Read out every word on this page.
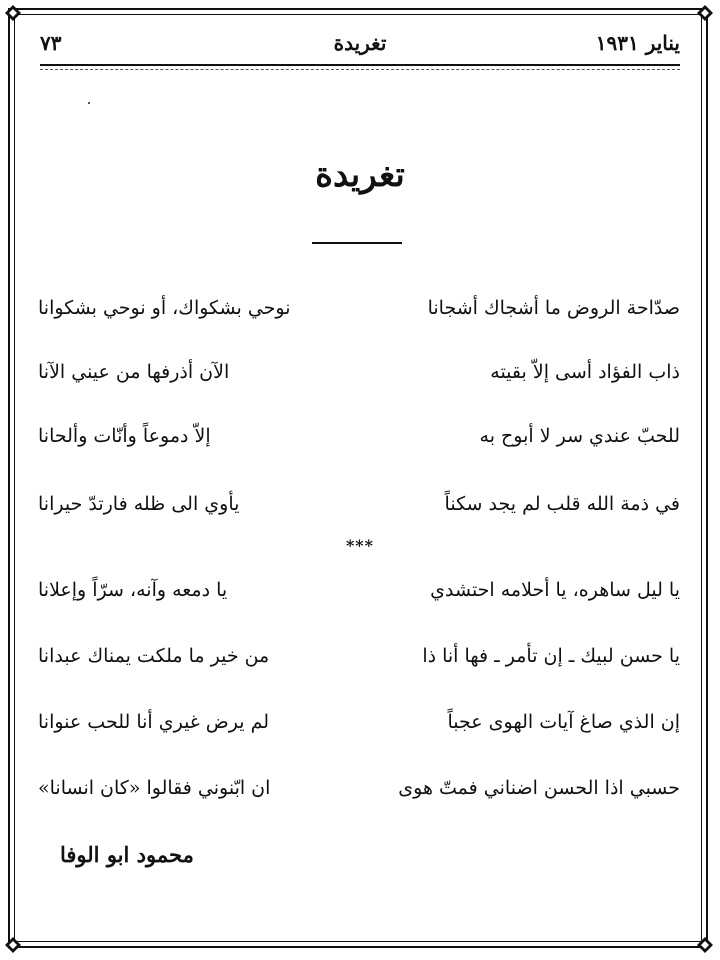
يناير ١٩٣١
تغريدة
٧٣
تغريدة
صدّاحة الروض ما أشجاك أشجانا
نوحي بشكواك، أو نوحي بشكوانا
ذاب الفؤاد أسى إلاّ بقيته
الآن أذرفها من عيني الآنا
للحبّ عندي سر لا أبوح به
إلاّ دموعاً وأنّات وألحانا
في ذمة الله قلب لم يجد سكناً
يأوي الى ظله فارتدّ حيرانا
***
يا ليل ساهره، يا أحلامه احتشدي
يا دمعه وآنه، سرّاً وإعلانا
يا حسن لبيك ـ إن تأمر ـ فها أنا ذا
من خير ما ملكت يمناك عبدانا
إن الذي صاغ آيات الهوى عجباً
لم يرض غيري أنا للحب عنوانا
حسبي اذا الحسن اضناني فمتّ هوى
ان ابّنوني فقالوا «كان انسانا»
محمود ابو الوفا
